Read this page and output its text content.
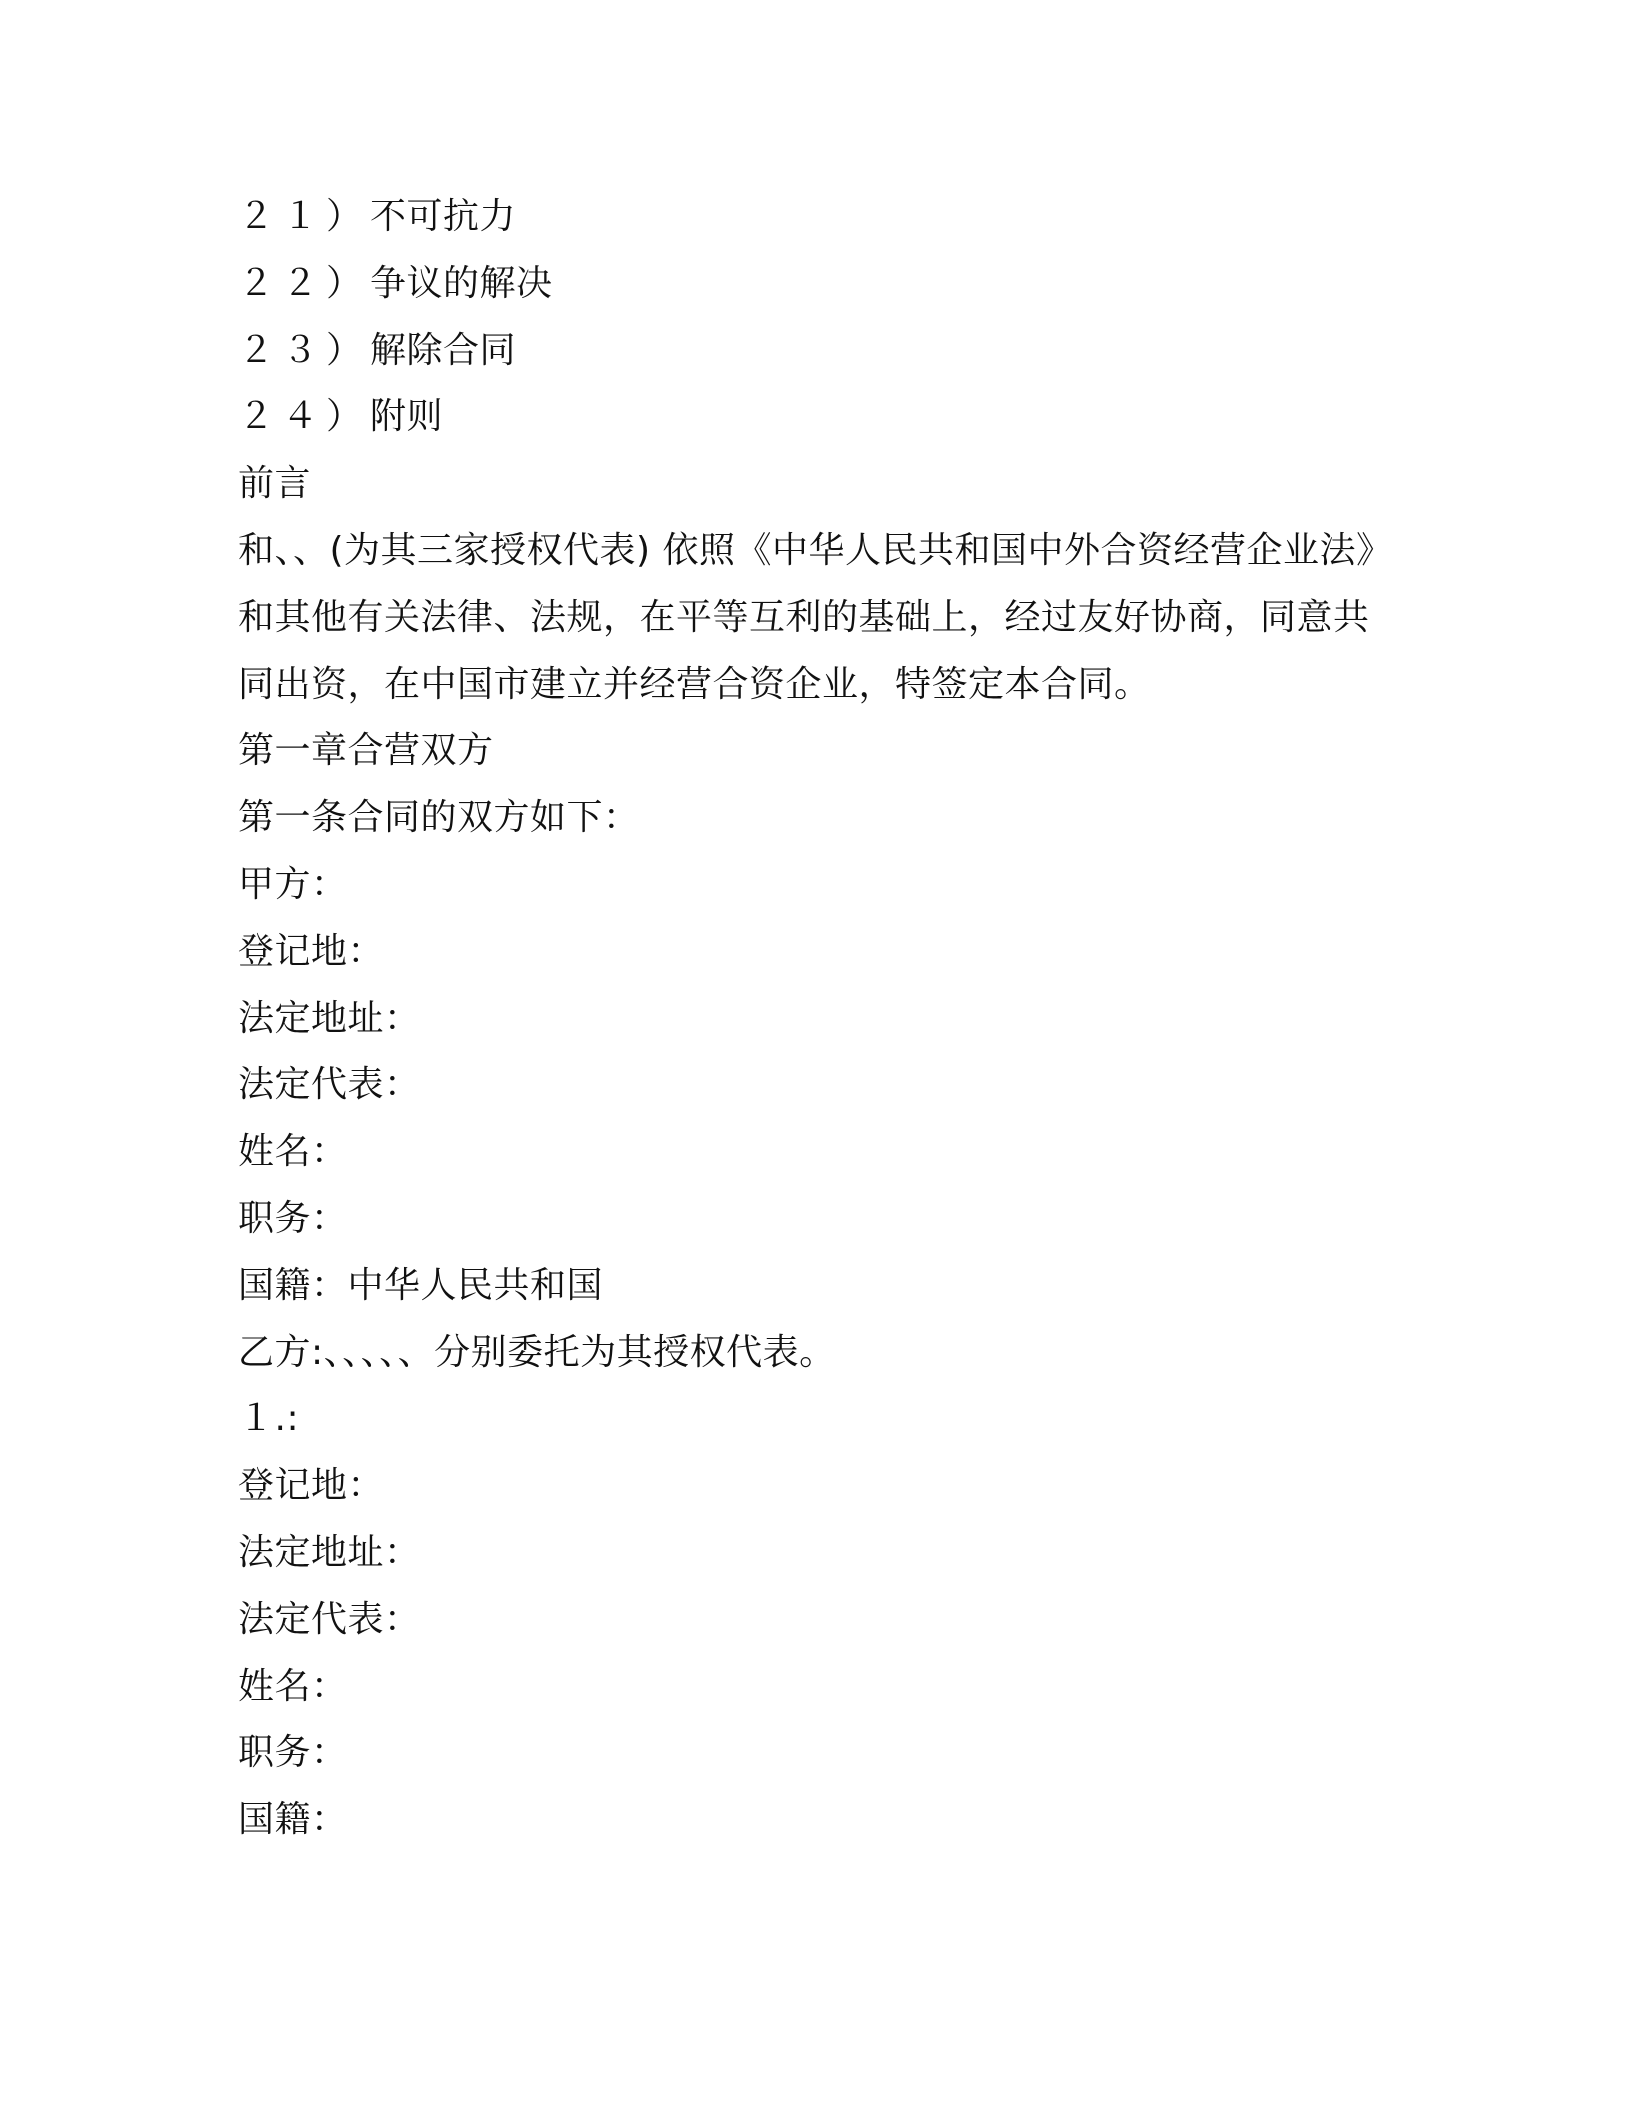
２１）不可抗力
２２）争议的解决
２３）解除合同
２４）附则
前言
和、、(为其三家授权代表) 依照《中华人民共和国中外合资经营企业法》
和其他有关法律、法规，在平等互利的基础上，经过友好协商，同意共
同出资，在中国市建立并经营合资企业，特签定本合同。
第一章合营双方
第一条合同的双方如下：
甲方：
登记地：
法定地址：
法定代表：
姓名：
职务：
国籍：中华人民共和国
乙方:、、、、、分别委托为其授权代表。
１.:
登记地：
法定地址：
法定代表：
姓名：
职务：
国籍：
